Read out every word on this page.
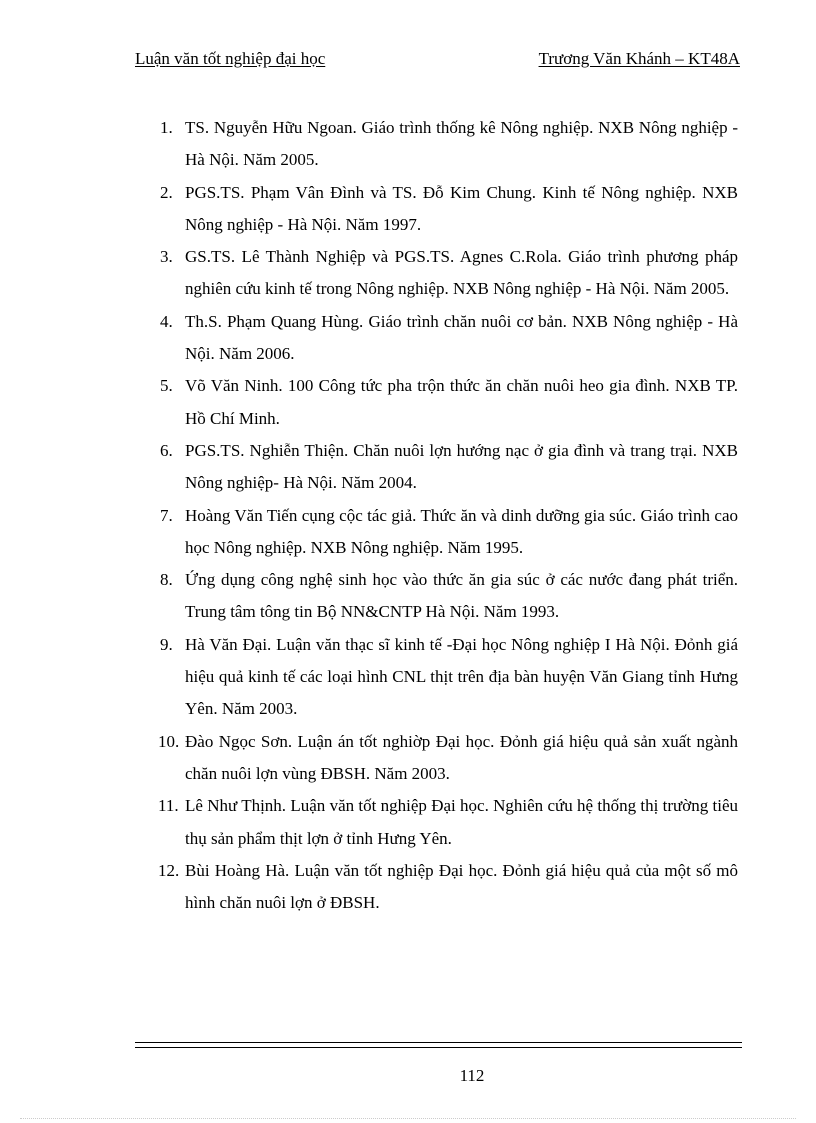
Luận văn tốt nghiệp đại học	Trương Văn Khánh – KT48A
1. TS. Nguyễn Hữu Ngoan. Giáo trình thống kê Nông nghiệp. NXB Nông nghiệp - Hà Nội. Năm 2005.
2. PGS.TS. Phạm Vân Đình và TS. Đỗ Kim Chung. Kinh tế Nông nghiệp. NXB Nông nghiệp - Hà Nội. Năm 1997.
3. GS.TS. Lê Thành Nghiệp và PGS.TS. Agnes C.Rola. Giáo trình phương pháp nghiên cứu kinh tế trong Nông nghiệp. NXB Nông nghiệp - Hà Nội. Năm 2005.
4. Th.S. Phạm Quang Hùng. Giáo trình chăn nuôi cơ bản. NXB Nông nghiệp - Hà Nội. Năm 2006.
5. Võ Văn Ninh. 100 Công tức pha trộn thức ăn chăn nuôi heo gia đình. NXB TP. Hồ Chí Minh.
6. PGS.TS. Nghiễn Thiện. Chăn nuôi lợn hướng nạc ở gia đình và trang trại. NXB Nông nghiệp- Hà Nội. Năm 2004.
7. Hoàng Văn Tiến cụng cộc tác giả. Thức ăn và dinh dưỡng gia súc. Giáo trình cao học Nông nghiệp. NXB Nông nghiệp. Năm 1995.
8. Ứng dụng công nghệ sinh học vào thức ăn gia súc ở các nước đang phát triển. Trung tâm tông tin Bộ NN&CNTP Hà Nội. Năm 1993.
9. Hà Văn Đại. Luận văn thạc sĩ kinh tế -Đại học Nông nghiệp I Hà Nội. Đỏnh giá hiệu quả kinh tế các loại hình CNL thịt trên địa bàn huyện Văn Giang tỉnh Hưng Yên. Năm 2003.
10. Đào Ngọc Sơn. Luận án tốt nghiờp Đại học. Đỏnh giá hiệu quả sản xuất ngành chăn nuôi lợn vùng ĐBSH. Năm 2003.
11. Lê Như Thịnh. Luận văn tốt nghiệp Đại học. Nghiên cứu hệ thống thị trường tiêu thụ sản phẩm thịt lợn ở tỉnh Hưng Yên.
12. Bùi Hoàng Hà. Luận văn tốt nghiệp Đại học. Đỏnh giá hiệu quả của một số mô hình chăn nuôi lợn ở ĐBSH.
112
